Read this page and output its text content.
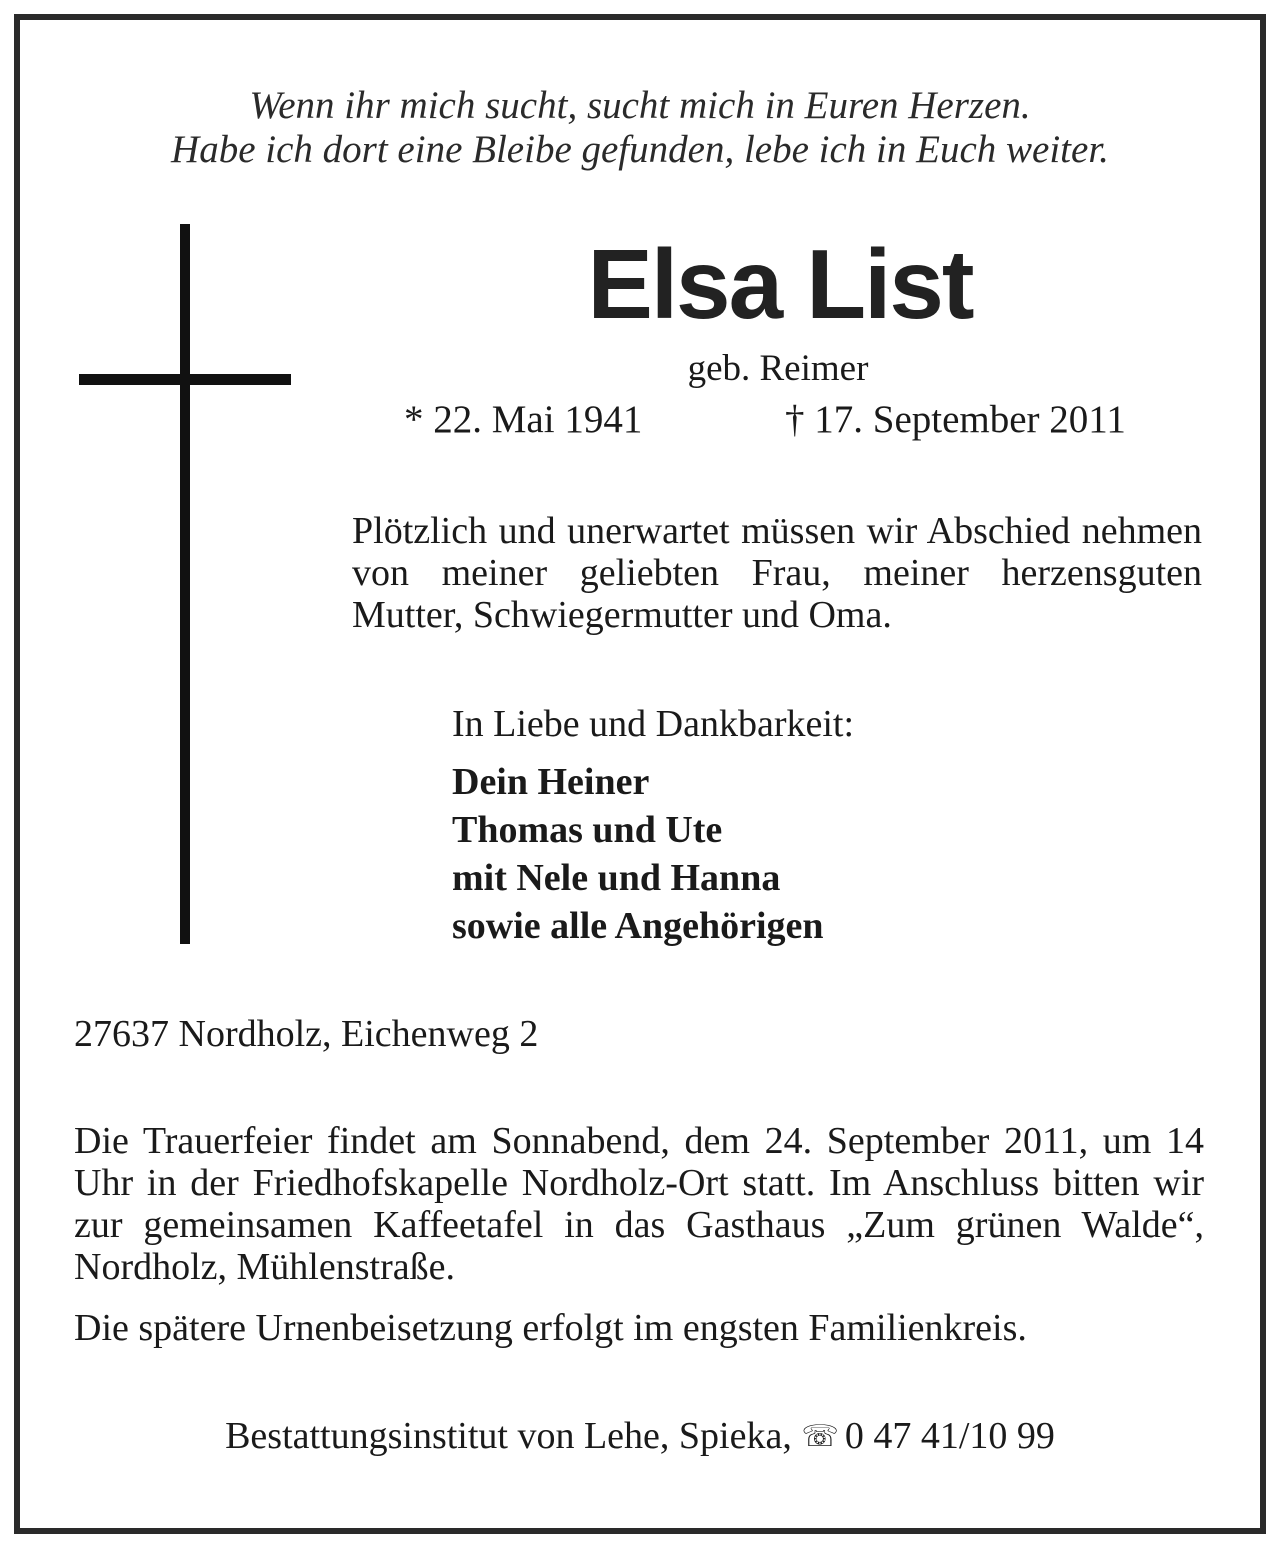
Wenn ihr mich sucht, sucht mich in Euren Herzen.
Habe ich dort eine Bleibe gefunden, lebe ich in Euch weiter.
Elsa List
geb. Reimer
* 22. Mai 1941	† 17. September 2011
Plötzlich und unerwartet müssen wir Abschied nehmen von meiner geliebten Frau, meiner herzensguten Mutter, Schwiegermutter und Oma.
In Liebe und Dankbarkeit:
Dein Heiner
Thomas und Ute
mit Nele und Hanna
sowie alle Angehörigen
27637 Nordholz, Eichenweg 2
Die Trauerfeier findet am Sonnabend, dem 24. September 2011, um 14 Uhr in der Friedhofskapelle Nordholz-Ort statt. Im Anschluss bitten wir zur gemeinsamen Kaffeetafel in das Gasthaus „Zum grünen Walde“, Nordholz, Mühlenstraße.
Die spätere Urnenbeisetzung erfolgt im engsten Familienkreis.
Bestattungsinstitut von Lehe, Spieka, ☏ 0 47 41/10 99
